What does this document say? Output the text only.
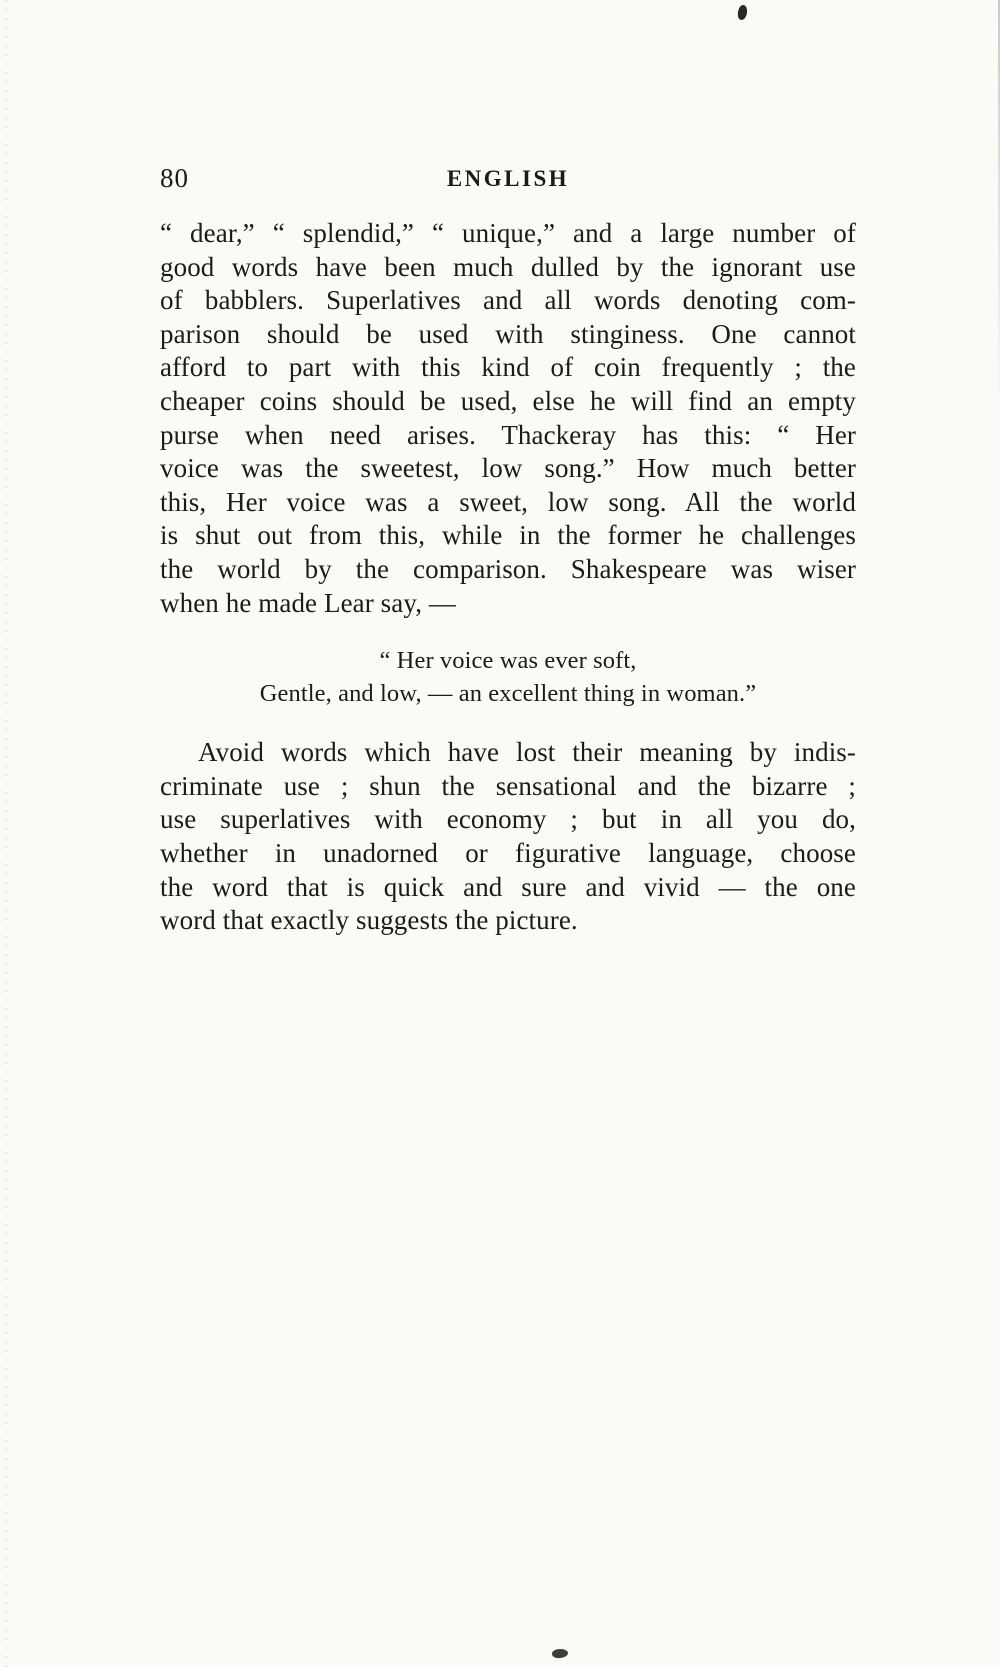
80	ENGLISH
“ dear,” “ splendid,” “ unique,” and a large number of
good words have been much dulled by the ignorant use
of babblers. Superlatives and all words denoting com-
parison should be used with stinginess. One cannot
afford to part with this kind of coin frequently ; the
cheaper coins should be used, else he will find an empty
purse when need arises. Thackeray has this: “ Her
voice was the sweetest, low song.” How much better
this, Her voice was a sweet, low song. All the world
is shut out from this, while in the former he challenges
the world by the comparison. Shakespeare was wiser
when he made Lear say, —
“ Her voice was ever soft,
Gentle, and low, — an excellent thing in woman.”
Avoid words which have lost their meaning by indis-
criminate use ; shun the sensational and the bizarre ;
use superlatives with economy ; but in all you do,
whether in unadorned or figurative language, choose
the word that is quick and sure and vivid — the one
word that exactly suggests the picture.
